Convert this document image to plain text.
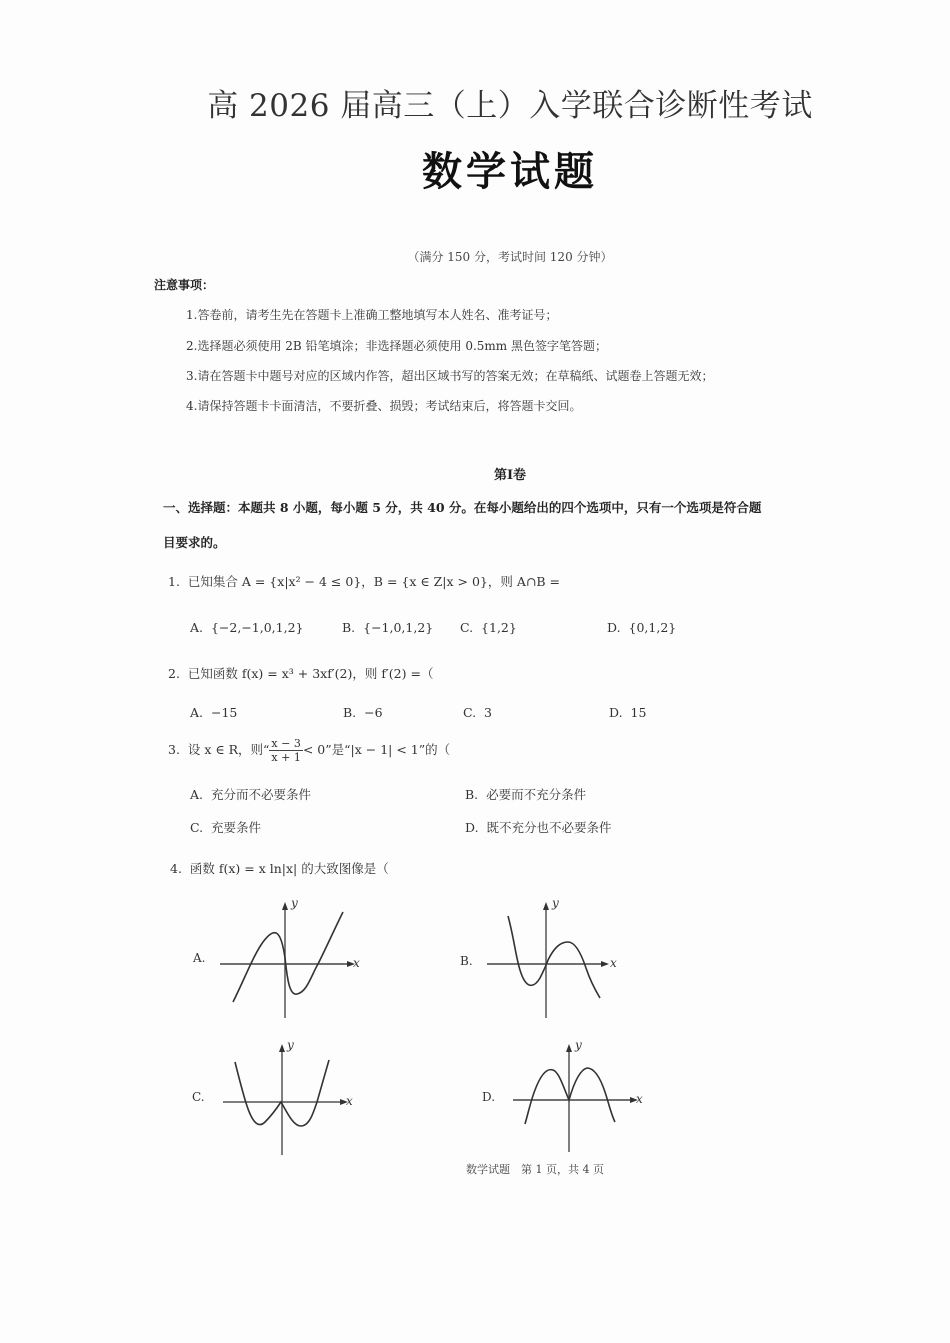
高 2026 届高三（上）入学联合诊断性考试
数学试题
（满分 150 分，考试时间 120 分钟）
注意事项：
1.答卷前，请考生先在答题卡上准确工整地填写本人姓名、准考证号；
2.选择题必须使用 2B 铅笔填涂；非选择题必须使用 0.5mm 黑色签字笔答题；
3.请在答题卡中题号对应的区域内作答，超出区域书写的答案无效；在草稿纸、试题卷上答题无效；
4.请保持答题卡卡面清洁，不要折叠、损毁；考试结束后，将答题卡交回。
第Ⅰ卷
一、选择题：本题共 8 小题，每小题 5 分，共 40 分。在每小题给出的四个选项中，只有一个选项是符合题
目要求的。
1. 已知集合 A = {x|x² − 4 ≤ 0}，B = {x ∈ Z|x > 0}，则 A∩B =
A. {−2,−1,0,1,2}	B. {−1,0,1,2} C. {1,2}	D. {0,1,2}
2. 已知函数 f(x) = x³ + 3xf′(2)，则 f′(2) =（
A. −15	B. −6	C. 3	D. 15
3. 设 x ∈ R，则“ $\frac{x - 3}{x + 1} < 0$”是“|x − 1| < 1”的（
A. 充分而不必要条件	B. 必要而不充分条件
C. 充要条件	D. 既不充分也不必要条件
4. 函数 f(x) = x ln|x| 的大致图像是（
A.
y
x	B.
y
x
C.
y
x	D.
y
x
数学试题　第 1 页，共 4 页
